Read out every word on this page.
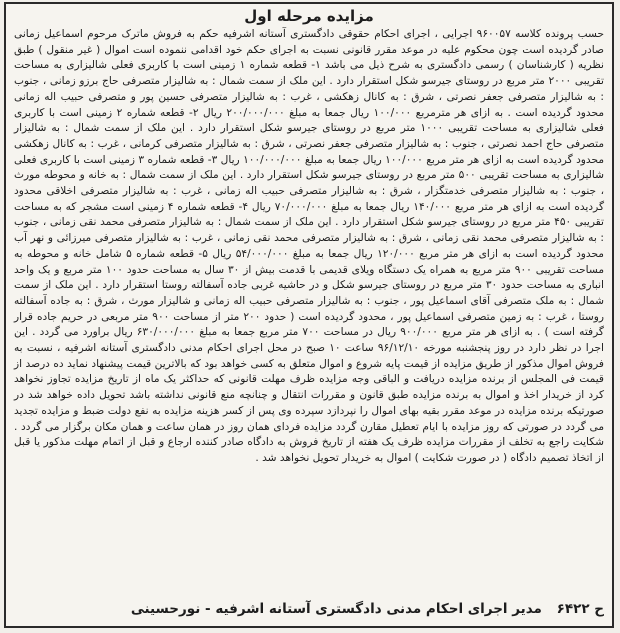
مزایده مرحله اول

حسب پرونده کلاسه ۹۶۰۰۵۷ اجرایی ، اجرای احکام حقوقی دادگستری آستانه اشرفیه حکم به فروش ماترک مرحوم اسماعیل زمانی صادر گردیده است چون محکوم علیه در موعد مقرر قانونی نسبت به اجرای حکم خود اقدامی ننموده است اموال ( غیر منقول ) طبق نظریه ( کارشناسان ) رسمی دادگستری به شرح ذیل می باشد ۱- قطعه شماره ۱ زمینی است با کاربری فعلی شالیزاری به مساحت تقریبی ۲۰۰۰ متر مربع در روستای جیرسو شکل استقرار دارد . این ملک از سمت شمال : به شالیزار متصرفی حاج برزو زمانی ، جنوب : به شالیزار متصرفی جعفر نصرتی ، شرق : به کانال زهکشی ، غرب : به شالیزار متصرفی حسین پور و متصرفی حبیب اله زمانی محدود گردیده است . به ازای هر مترمربع ۱۰۰/۰۰۰ ریال جمعا به مبلغ ۲۰۰/۰۰۰/۰۰۰ ریال ۲- قطعه شماره ۲ زمینی است با کاربری فعلی شالیزاری به مساحت تقریبی ۱۰۰۰ متر مربع در روستای جیرسو شکل استقرار دارد . این ملک از سمت شمال : به شالیزار متصرفی حاج احمد نصرتی ، جنوب : به شالیزار متصرفی جعفر نصرتی ، شرق : به شالیزار متصرفی کرمانی ، غرب : به کانال زهکشی محدود گردیده است به ازای هر متر مربع ۱۰۰/۰۰۰ ریال جمعا به مبلغ ۱۰۰/۰۰۰/۰۰۰ ریال ۳- قطعه شماره ۳ زمینی است با کاربری فعلی شالیزاری به مساحت تقریبی ۵۰۰ متر مربع در روستای جیرسو شکل استقرار دارد . این ملک از سمت شمال : به خانه و محوطه مورث ، جنوب : به شالیزار متصرفی خدمتگزار ، شرق : به شالیزار متصرفی حبیب اله زمانی ، غرب : به شالیزار متصرفی اخلاقی محدود گردیده است به ازای هر متر مربع ۱۴۰/۰۰۰ ریال جمعا به مبلغ ۷۰/۰۰۰/۰۰۰ ریال ۴- قطعه شماره ۴ زمینی است مشجر که به مساحت تقریبی ۴۵۰ متر مربع در روستای جیرسو شکل استقرار دارد . این ملک از سمت شمال : به شالیزار متصرفی محمد نقی زمانی ، جنوب : به شالیزار متصرفی محمد نقی زمانی ، شرق : به شالیزار متصرفی محمد نقی زمانی ، غرب : به شالیزار متصرفی میرزائی و نهر آب محدود گردیده است به ازای هر متر مربع ۱۲۰/۰۰۰ ریال جمعا به مبلغ ۵۴/۰۰۰/۰۰۰ ریال ۵- قطعه شماره ۵ شامل خانه و محوطه به مساحت تقریبی ۹۰۰ متر مربع به همراه یک دستگاه ویلای قدیمی با قدمت بیش از ۳۰ سال به مساحت حدود ۱۰۰ متر مربع و یک واحد انباری به مساحت حدود ۳۰ متر مربع در روستای جیرسو شکل و در حاشیه غربی جاده آسفالته روستا استقرار دارد . این ملک از سمت شمال : به ملک متصرفی آقای اسماعیل پور ، جنوب : به شالیزار متصرفی حبیب اله زمانی و شالیزار مورث ، شرق : به جاده آسفالته روستا ، غرب : به زمین متصرفی اسماعیل پور ، محدود گردیده است ( حدود ۲۰۰ متر از مساحت ۹۰۰ متر مربعی در حریم جاده قرار گرفته است ) . به ازای هر متر مربع ۹۰۰/۰۰۰ ریال در مساحت ۷۰۰ متر مربع جمعا به مبلغ ۶۳۰/۰۰۰/۰۰۰ ریال براورد می گردد . این اجرا در نظر دارد در روز پنجشنبه مورخه ۹۶/۱۲/۱۰ ساعت ۱۰ صبح در محل اجرای احکام مدنی دادگستری آستانه اشرفیه ، نسبت به فروش اموال مذکور از طریق مزایده از قیمت پایه شروع و اموال متعلق به کسی خواهد بود که بالاترین قیمت پیشنهاد نماید ده درصد از قیمت فی المجلس از برنده مزایده دریافت و الباقی وجه مزایده ظرف مهلت قانونی که حداکثر یک ماه از تاریخ مزایده تجاوز نخواهد کرد از خریدار اخذ و اموال به برنده مزایده طبق قانون و مقررات انتقال و چنانچه منع قانونی نداشته باشد تحویل داده خواهد شد در صورتیکه برنده مزایده در موعد مقرر بقیه بهای اموال را نپردازد سپرده وی پس از کسر هزینه مزایده به نفع دولت ضبط و مزایده تجدید می گردد در صورتی که روز مزایده با ایام تعطیل مقارن گردد مزایده فردای همان روز در همان ساعت و همان مکان برگزار می گردد . شکایت راجع به تخلف از مقررات مزایده ظرف یک هفته از تاریخ فروش به دادگاه صادر کننده ارجاع و قبل از اتمام مهلت مذکور یا قبل از اتخاذ تصمیم دادگاه ( در صورت شکایت ) اموال به خریدار تحویل نخواهد شد .

ح ۶۴۲۲ مدیر اجرای احکام مدنی دادگستری آستانه اشرفیه - نورحسینی
